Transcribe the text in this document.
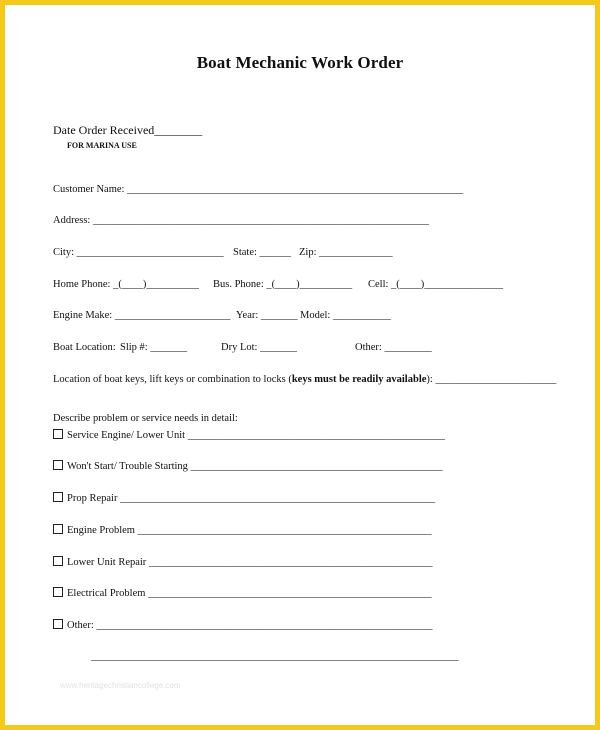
Boat Mechanic Work Order
Date Order Received________
FOR MARINA USE
Customer Name: ________________________________________________________________
Address: ________________________________________________________________
City: ____________________________ State: ______ Zip: ______________
Home Phone: _(____)__________ Bus. Phone: _(____)__________ Cell: _(____)_______________
Engine Make: ______________________ Year: _______ Model: ___________
Boat Location: Slip #: _______	Dry Lot: _______	Other: _________
Location of boat keys, lift keys or combination to locks (keys must be readily available): _______________________
Describe problem or service needs in detail:
Service Engine/ Lower Unit _________________________________________________
Won't Start/ Trouble Starting ________________________________________________
Prop Repair ____________________________________________________________
Engine Problem ________________________________________________________
Lower Unit Repair ______________________________________________________
Electrical Problem ______________________________________________________
Other: ________________________________________________________________
______________________________________________________________________
www.heritagechristiancollege.com
